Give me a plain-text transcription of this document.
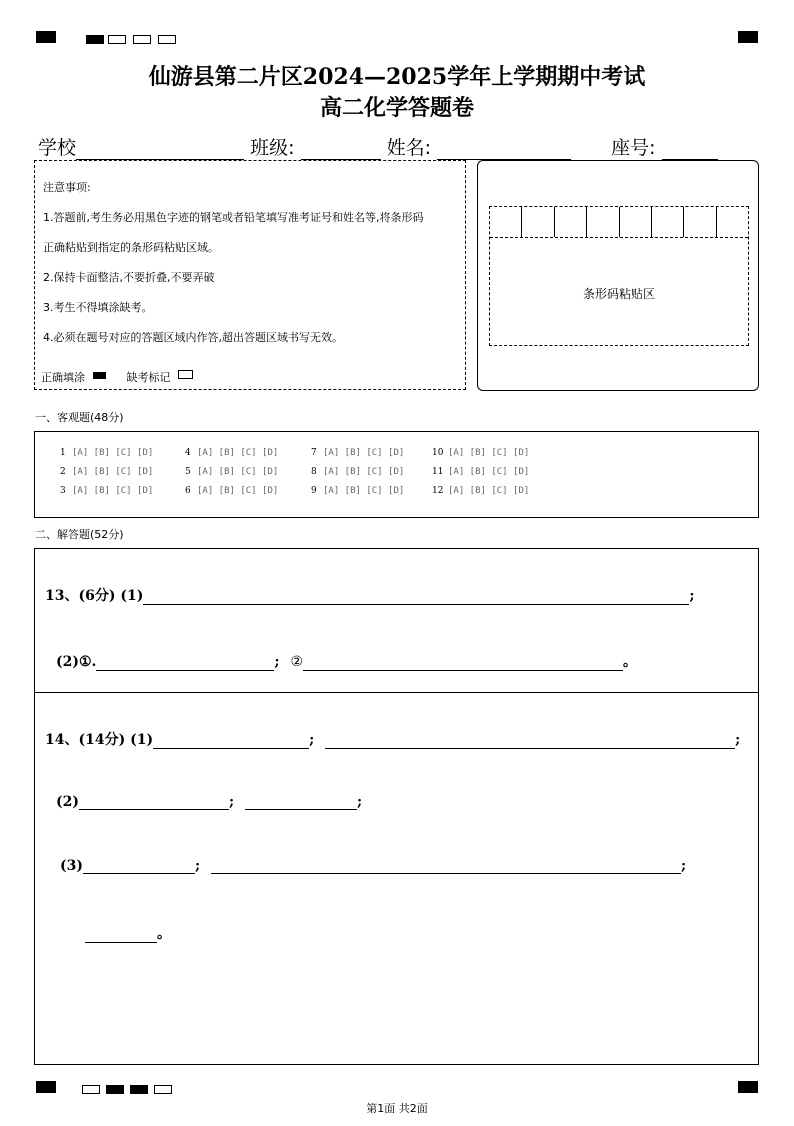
仙游县第二片区2024—2025学年上学期期中考试
高二化学答题卷
学校	班级:	姓名:	座号:
注意事项:
1.答题前,考生务必用黑色字迹的钢笔或者铅笔填写准考证号和姓名等,将条形码
正确粘贴到指定的条形码粘贴区域。
2.保持卡面整洁,不要折叠,不要弄破
3.考生不得填涂缺考。
4.必须在题号对应的答题区域内作答,超出答题区域书写无效。
正确填涂	缺考标记
条形码粘贴区
一、客观题(48分)
1 [A] [B] [C] [D]	4 [A] [B] [C] [D]	7 [A] [B] [C] [D]	10 [A] [B] [C] [D]
2 [A] [B] [C] [D]	5 [A] [B] [C] [D]	8 [A] [B] [C] [D]	11 [A] [B] [C] [D]
3 [A] [B] [C] [D]	6 [A] [B] [C] [D]	9 [A] [B] [C] [D]	12 [A] [B] [C] [D]
二、解答题(52分)
13、(6分) (1)	;
(2)①.	; ②	。
14、(14分) (1)	;	;
(2)	;	;
(3)	;	;
。
第1面 共2面
